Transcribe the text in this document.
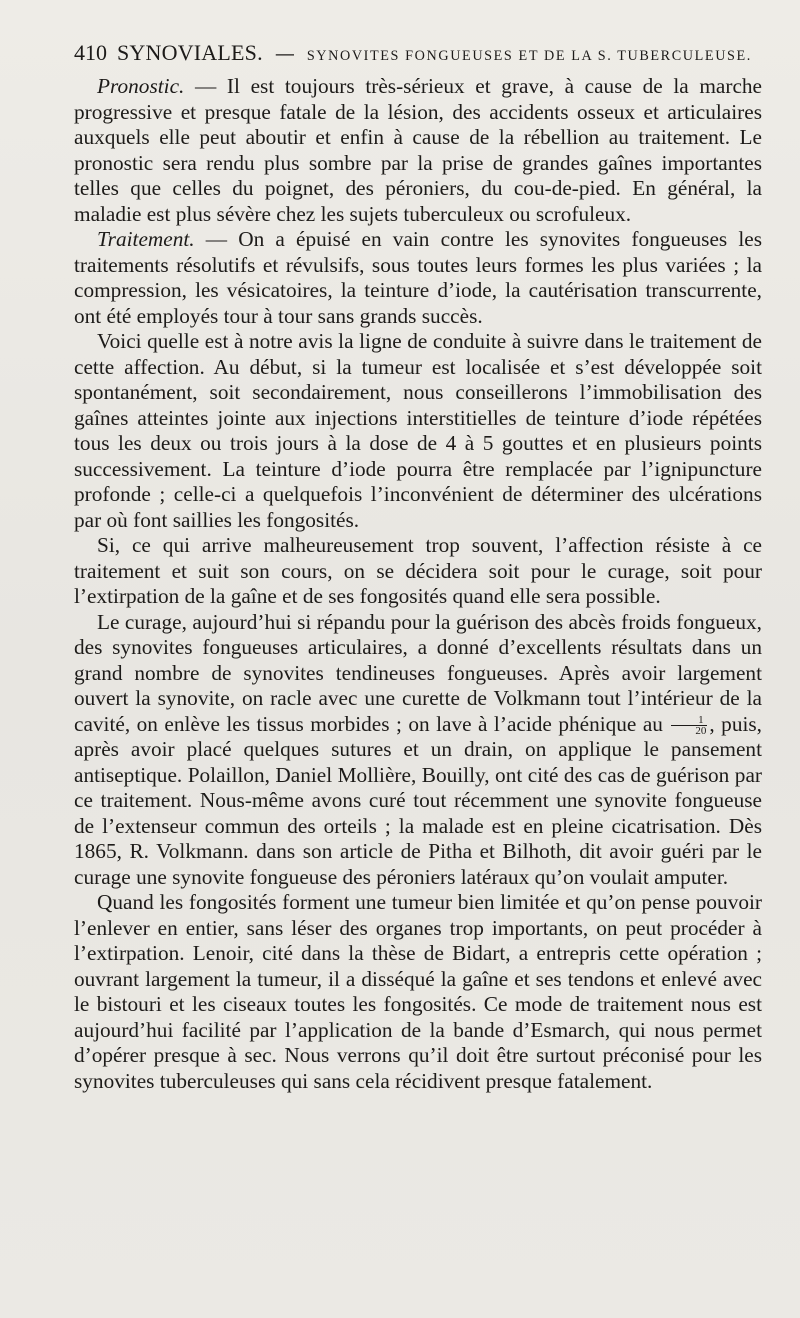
410 SYNOVIALES. — SYNOVITES FONGUEUSES ET DE LA S. TUBERCULEUSE.

Pronostic. — Il est toujours très-sérieux et grave, à cause de la marche progressive et presque fatale de la lésion, des accidents osseux et articulaires auxquels elle peut aboutir et enfin à cause de la rébellion au traitement. Le pronostic sera rendu plus sombre par la prise de grandes gaînes importantes telles que celles du poignet, des péroniers, du cou-de-pied. En général, la maladie est plus sévère chez les sujets tuberculeux ou scrofuleux.

Traitement. — On a épuisé en vain contre les synovites fongueuses les traitements résolutifs et révulsifs, sous toutes leurs formes les plus variées ; la compression, les vésicatoires, la teinture d’iode, la cautérisation transcurrente, ont été employés tour à tour sans grands succès.

Voici quelle est à notre avis la ligne de conduite à suivre dans le traitement de cette affection. Au début, si la tumeur est localisée et s’est développée soit spontanément, soit secondairement, nous conseillerons l’immobilisation des gaînes atteintes jointe aux injections interstitielles de teinture d’iode répétées tous les deux ou trois jours à la dose de 4 à 5 gouttes et en plusieurs points successivement. La teinture d’iode pourra être remplacée par l’ignipuncture profonde ; celle-ci a quelquefois l’inconvénient de déterminer des ulcérations par où font saillies les fongosités.

Si, ce qui arrive malheureusement trop souvent, l’affection résiste à ce traitement et suit son cours, on se décidera soit pour le curage, soit pour l’extirpation de la gaîne et de ses fongosités quand elle sera possible.

Le curage, aujourd’hui si répandu pour la guérison des abcès froids fongueux, des synovites fongueuses articulaires, a donné d’excellents résultats dans un grand nombre de synovites tendineuses fongueuses. Après avoir largement ouvert la synovite, on racle avec une curette de Volkmann tout l’intérieur de la cavité, on enlève les tissus morbides ; on lave à l’acide phénique au $\frac{1}{20}$ , puis, après avoir placé quelques sutures et un drain, on applique le pansement antiseptique. Polaillon, Daniel Mollière, Bouilly, ont cité des cas de guérison par ce traitement. Nous-même avons curé tout récemment une synovite fongueuse de l’extenseur commun des orteils ; la malade est en pleine cicatrisation. Dès 1865, R. Volkmann. dans son article de Pitha et Bilhoth, dit avoir guéri par le curage une synovite fongueuse des péroniers latéraux qu’on voulait amputer.

Quand les fongosités forment une tumeur bien limitée et qu’on pense pouvoir l’enlever en entier, sans léser des organes trop importants, on peut procéder à l’extirpation. Lenoir, cité dans la thèse de Bidart, a entrepris cette opération ; ouvrant largement la tumeur, il a disséqué la gaîne et ses tendons et enlevé avec le bistouri et les ciseaux toutes les fongosités. Ce mode de traitement nous est aujourd’hui facilité par l’application de la bande d’Esmarch, qui nous permet d’opérer presque à sec. Nous verrons qu’il doit être surtout préconisé pour les synovites tuberculeuses qui sans cela récidivent presque fatalement.
